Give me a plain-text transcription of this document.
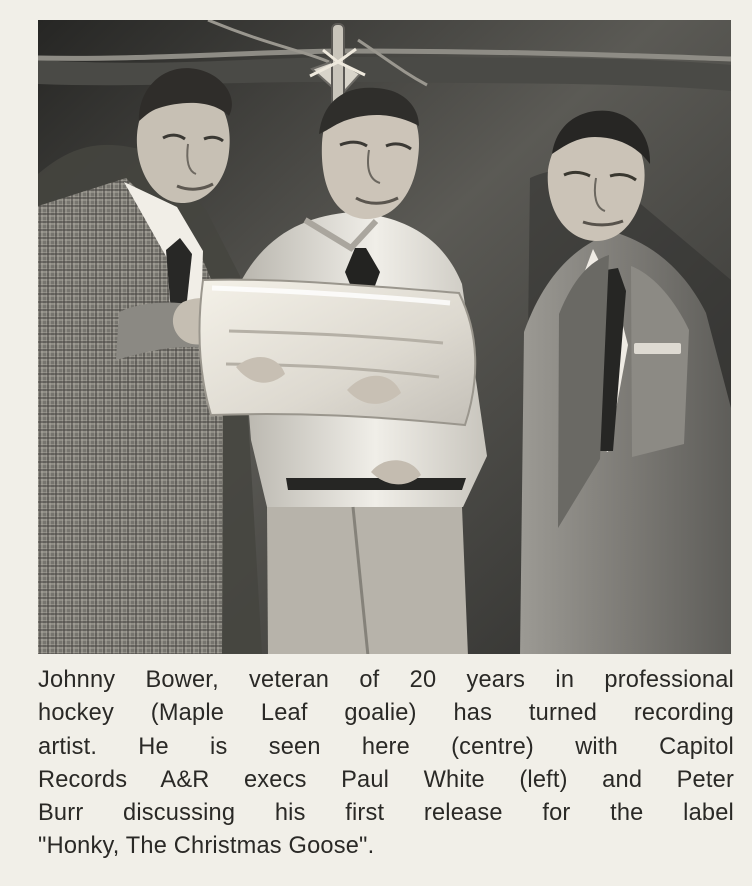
Johnny Bower, veteran of 20 years in professional
hockey (Maple Leaf goalie) has turned recording
artist. He is seen here (centre) with Capitol
Records A&R execs Paul White (left) and Peter
Burr discussing his first release for the label
"Honky, The Christmas Goose".
